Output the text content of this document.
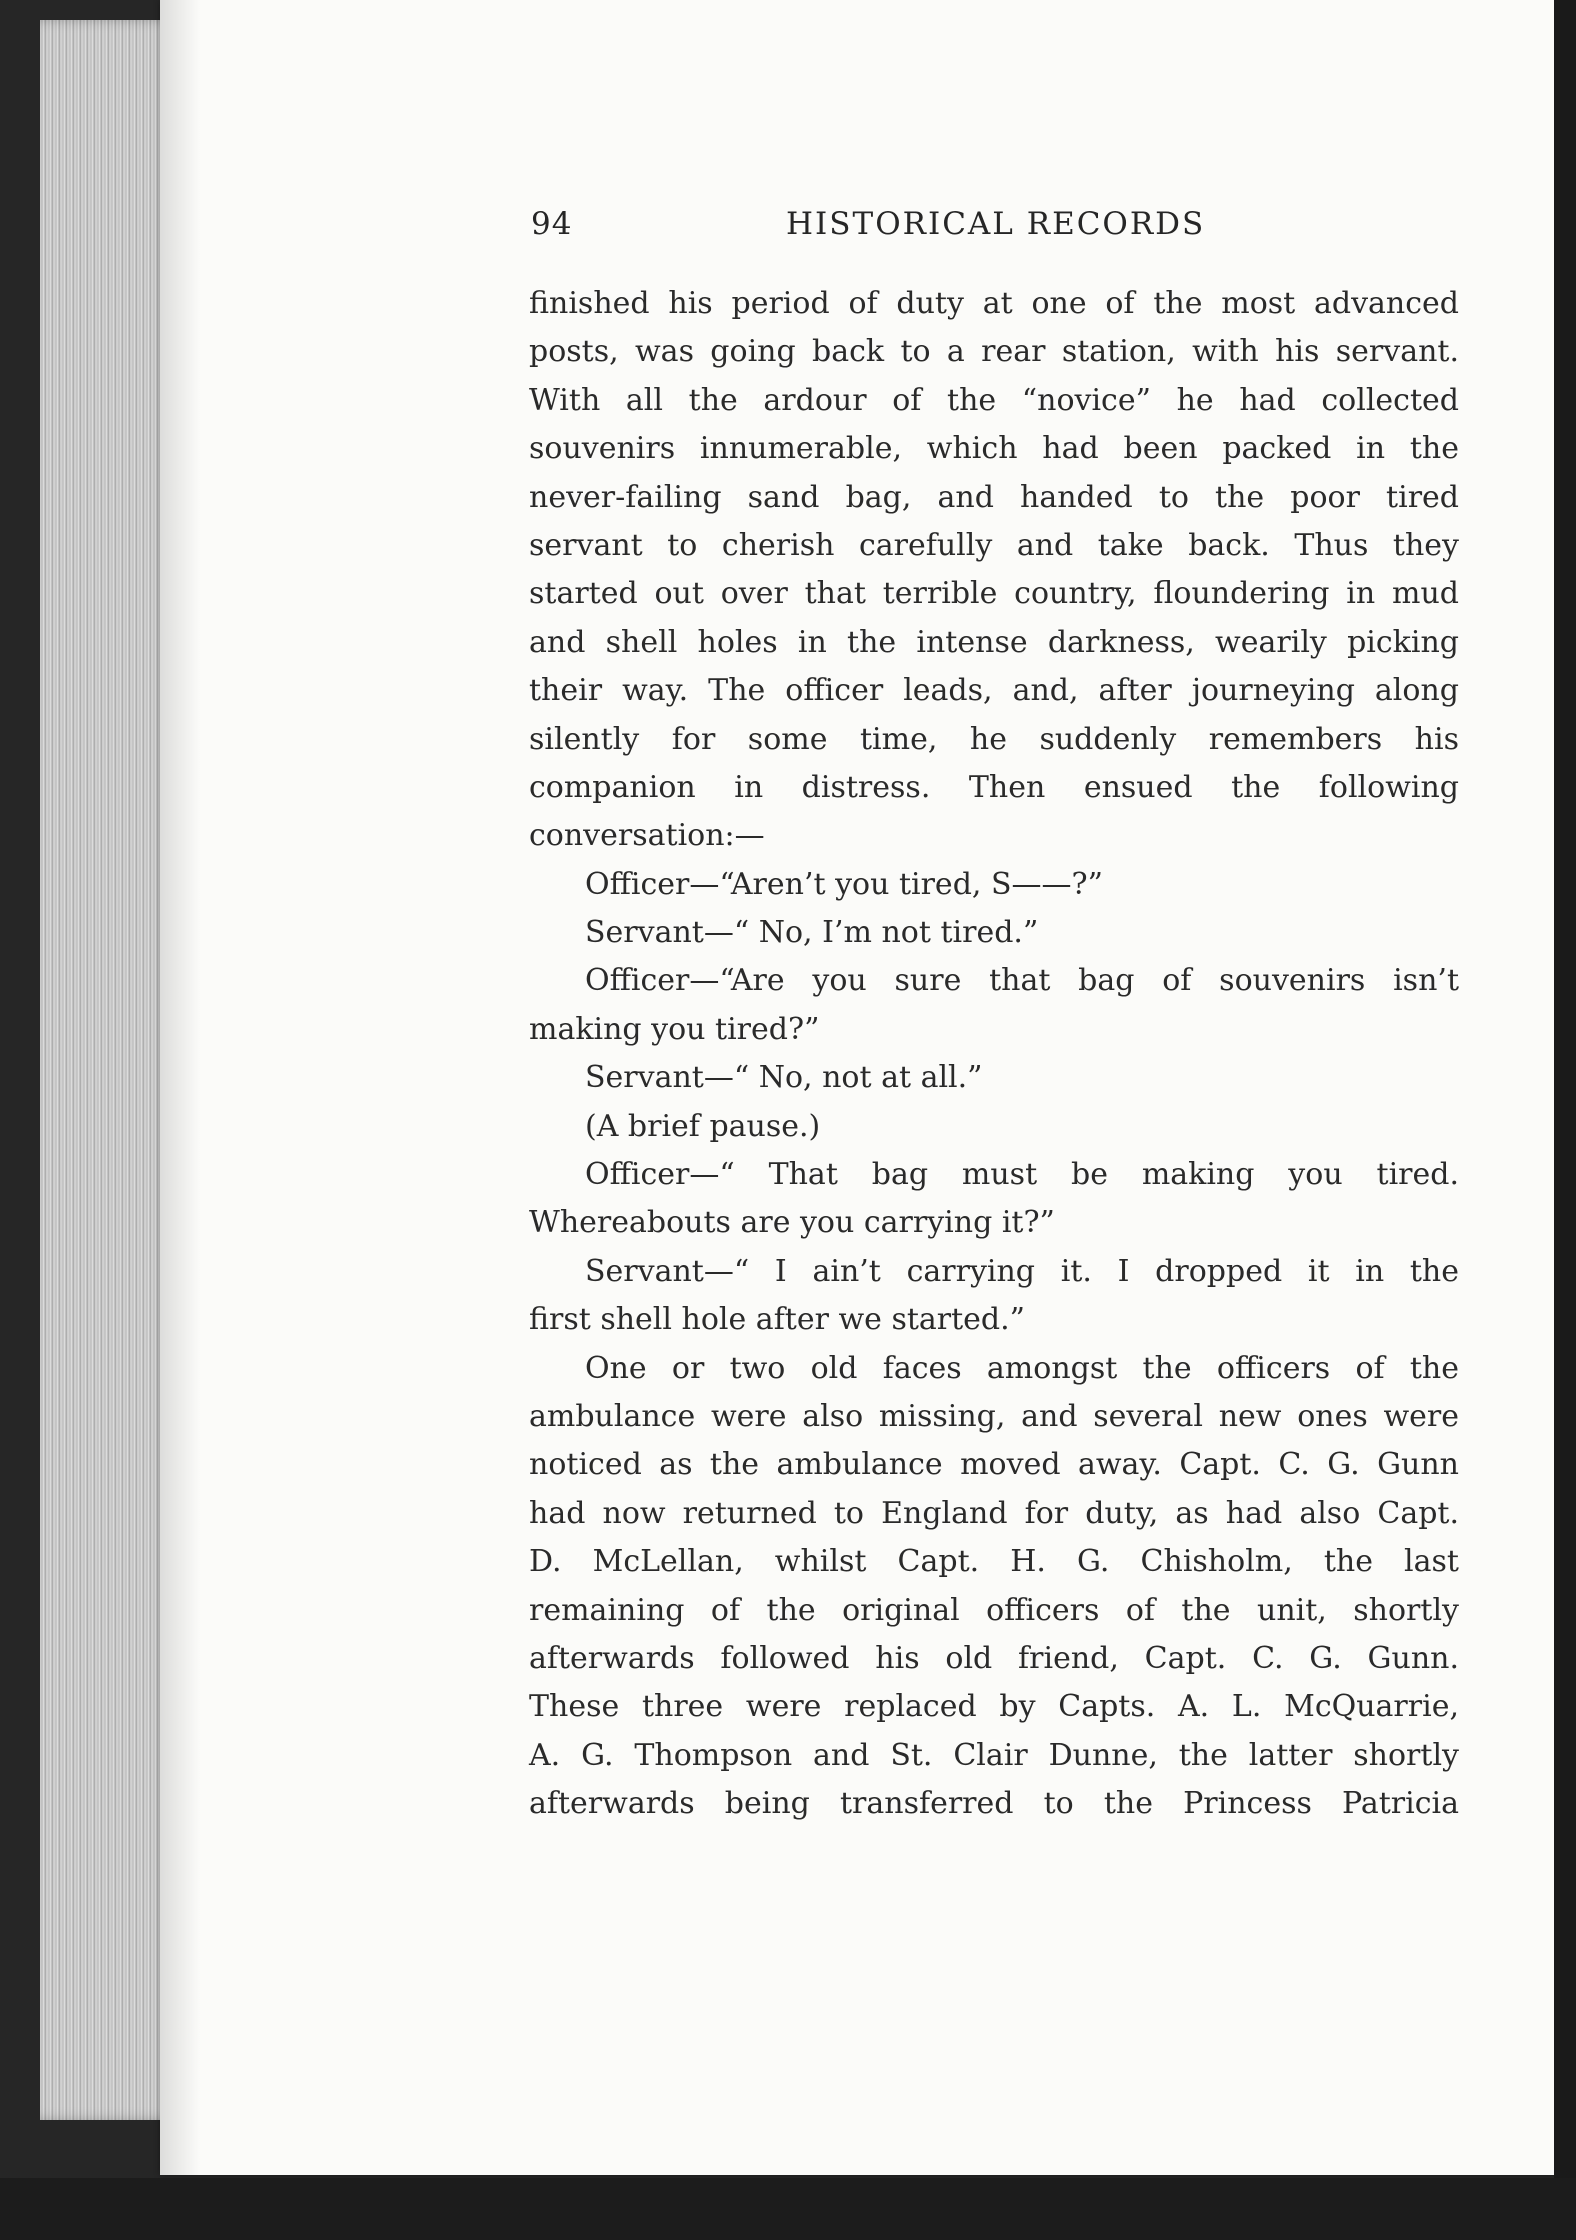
94	HISTORICAL RECORDS
finished his period of duty at one of the most advanced
posts, was going back to a rear station, with his servant.
With all the ardour of the “novice” he had collected
souvenirs innumerable, which had been packed in the
never-failing sand bag, and handed to the poor tired
servant to cherish carefully and take back. Thus they
started out over that terrible country, floundering in mud
and shell holes in the intense darkness, wearily picking
their way. The officer leads, and, after journeying along
silently for some time, he suddenly remembers his
companion in distress. Then ensued the following
conversation:—
Officer—“Aren’t you tired, S——?”
Servant—“ No, I’m not tired.”
Officer—“Are you sure that bag of souvenirs isn’t
making you tired?”
Servant—“ No, not at all.”
(A brief pause.)
Officer—“ That bag must be making you tired.
Whereabouts are you carrying it?”
Servant—“ I ain’t carrying it. I dropped it in the
first shell hole after we started.”
One or two old faces amongst the officers of the
ambulance were also missing, and several new ones were
noticed as the ambulance moved away. Capt. C. G. Gunn
had now returned to England for duty, as had also Capt.
D. McLellan, whilst Capt. H. G. Chisholm, the last
remaining of the original officers of the unit, shortly
afterwards followed his old friend, Capt. C. G. Gunn.
These three were replaced by Capts. A. L. McQuarrie,
A. G. Thompson and St. Clair Dunne, the latter shortly
afterwards being transferred to the Princess Patricia
